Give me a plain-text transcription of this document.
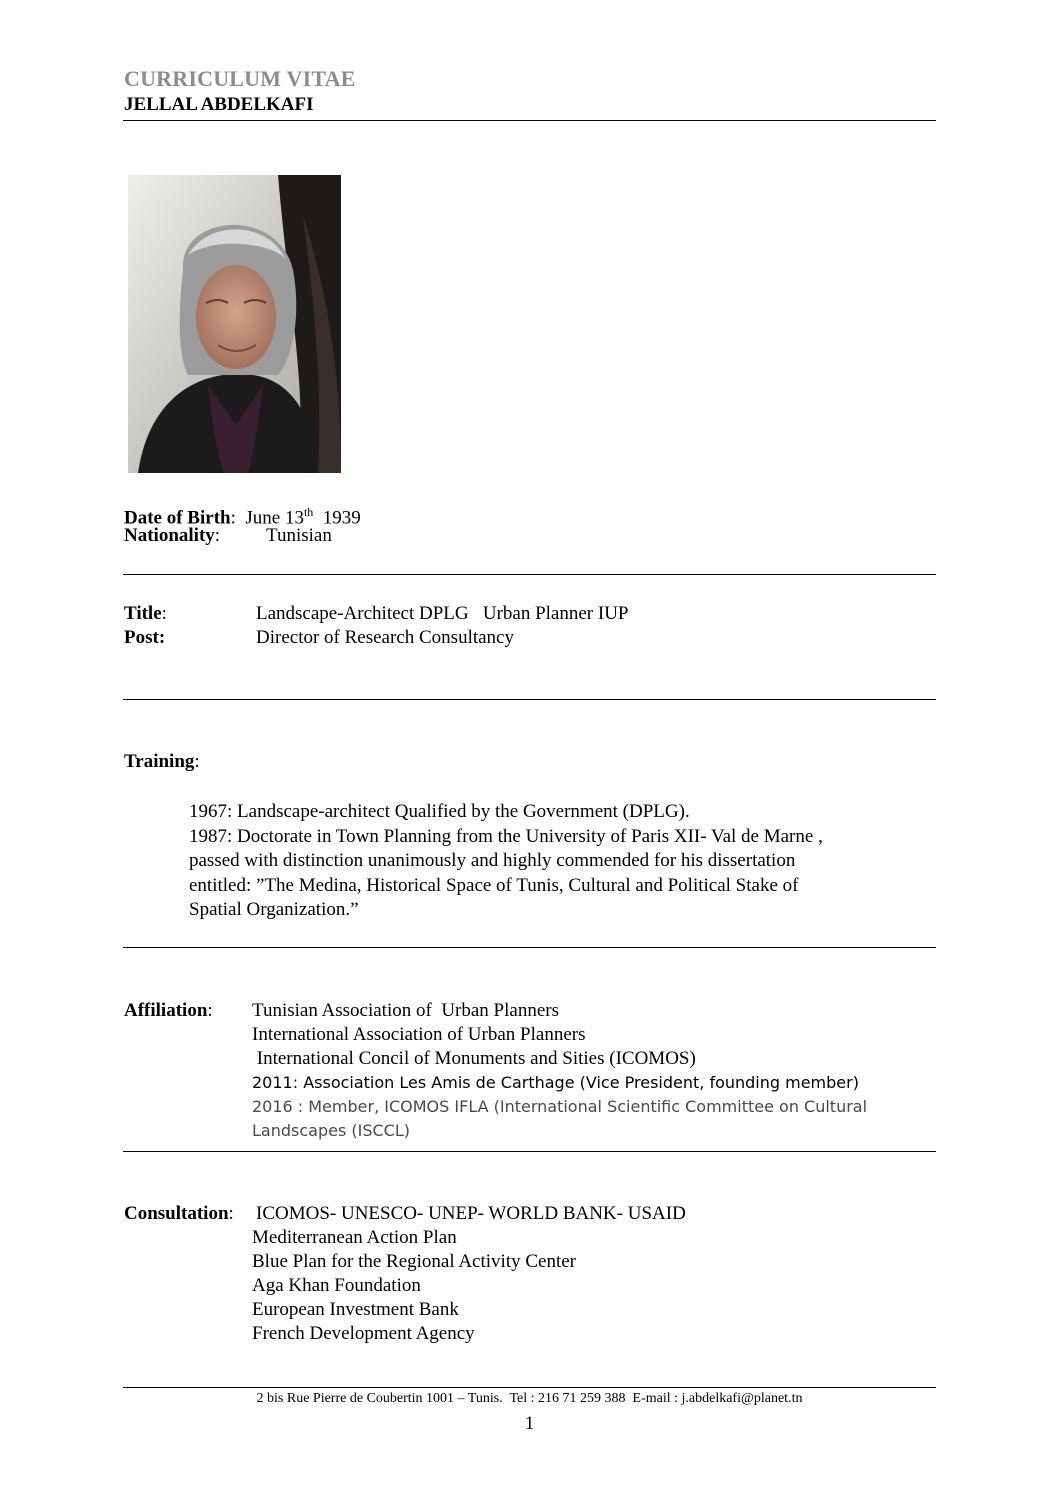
CURRICULUM VITAE
JELLAL ABDELKAFI
Date of Birth:  June 13th 1939
Nationality: Tunisian
Title:	Landscape-Architect DPLG   Urban Planner IUP
Post:	Director of Research Consultancy
Training:
1967: Landscape-architect Qualified by the Government (DPLG).
1987: Doctorate in Town Planning from the University of Paris XII- Val de Marne ,
passed with distinction unanimously and highly commended for his dissertation
entitled: ”The Medina, Historical Space of Tunis, Cultural and Political Stake of
Spatial Organization.”
Affiliation: Tunisian Association of  Urban Planners
International Association of Urban Planners
International Concil of Monuments and Sities (ICOMOS)
2011: Association Les Amis de Carthage (Vice President, founding member)
2016 : Member, ICOMOS IFLA (International Scientific Committee on Cultural
Landscapes (ISCCL)
Consultation: ICOMOS- UNESCO- UNEP- WORLD BANK- USAID
Mediterranean Action Plan
Blue Plan for the Regional Activity Center
Aga Khan Foundation
European Investment Bank
French Development Agency
2 bis Rue Pierre de Coubertin 1001 – Tunis.  Tel : 216 71 259 388  E-mail : j.abdelkafi@planet.tn
1
